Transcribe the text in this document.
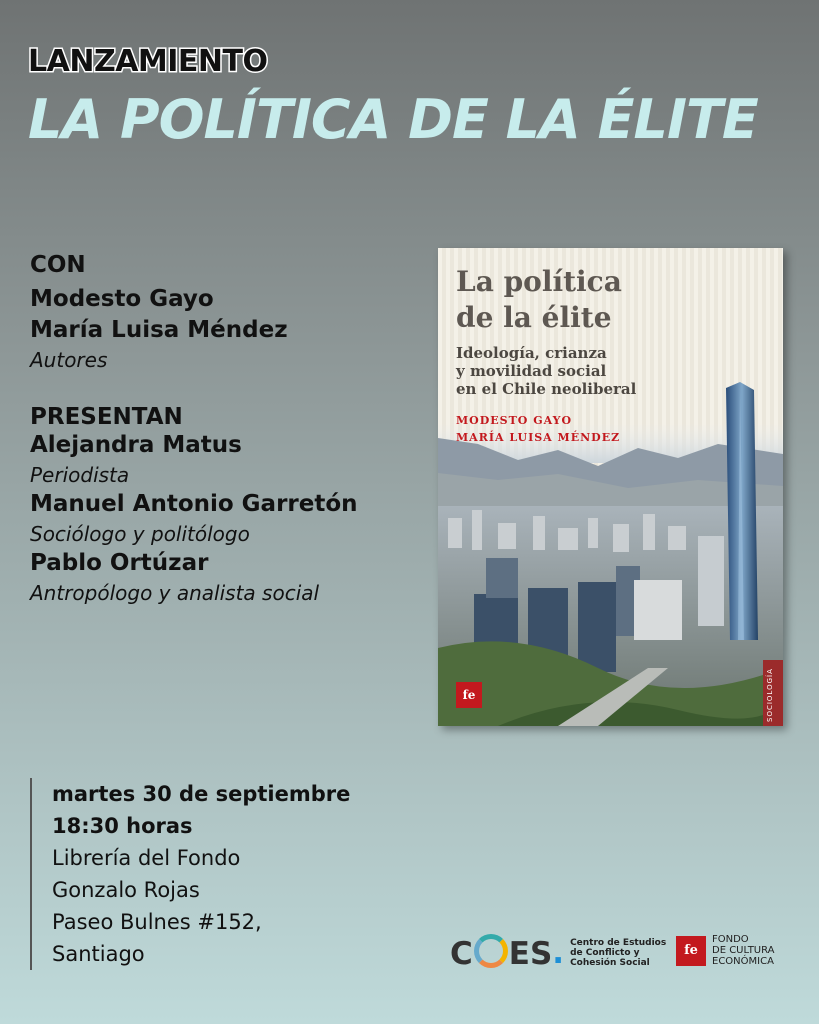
LANZAMIENTO
LA POLÍTICA DE LA ÉLITE
CON
Modesto Gayo
María Luisa Méndez
Autores
PRESENTAN
Alejandra Matus
Periodista
Manuel Antonio Garretón
Sociólogo y politólogo
Pablo Ortúzar
Antropólogo y analista social
La política
de la élite
Ideología, crianza
y movilidad social
en el Chile neoliberal
MODESTO GAYO
MARÍA LUISA MÉNDEZ
SOCIOLOGÍA
fe
martes 30 de septiembre
18:30 horas
Librería del Fondo
Gonzalo Rojas
Paseo Bulnes #152,
Santiago	C ES . Centro de Estudios
de Conflicto y
Cohesión Social
fe
FONDO
DE CULTURA
ECONÓMICA
